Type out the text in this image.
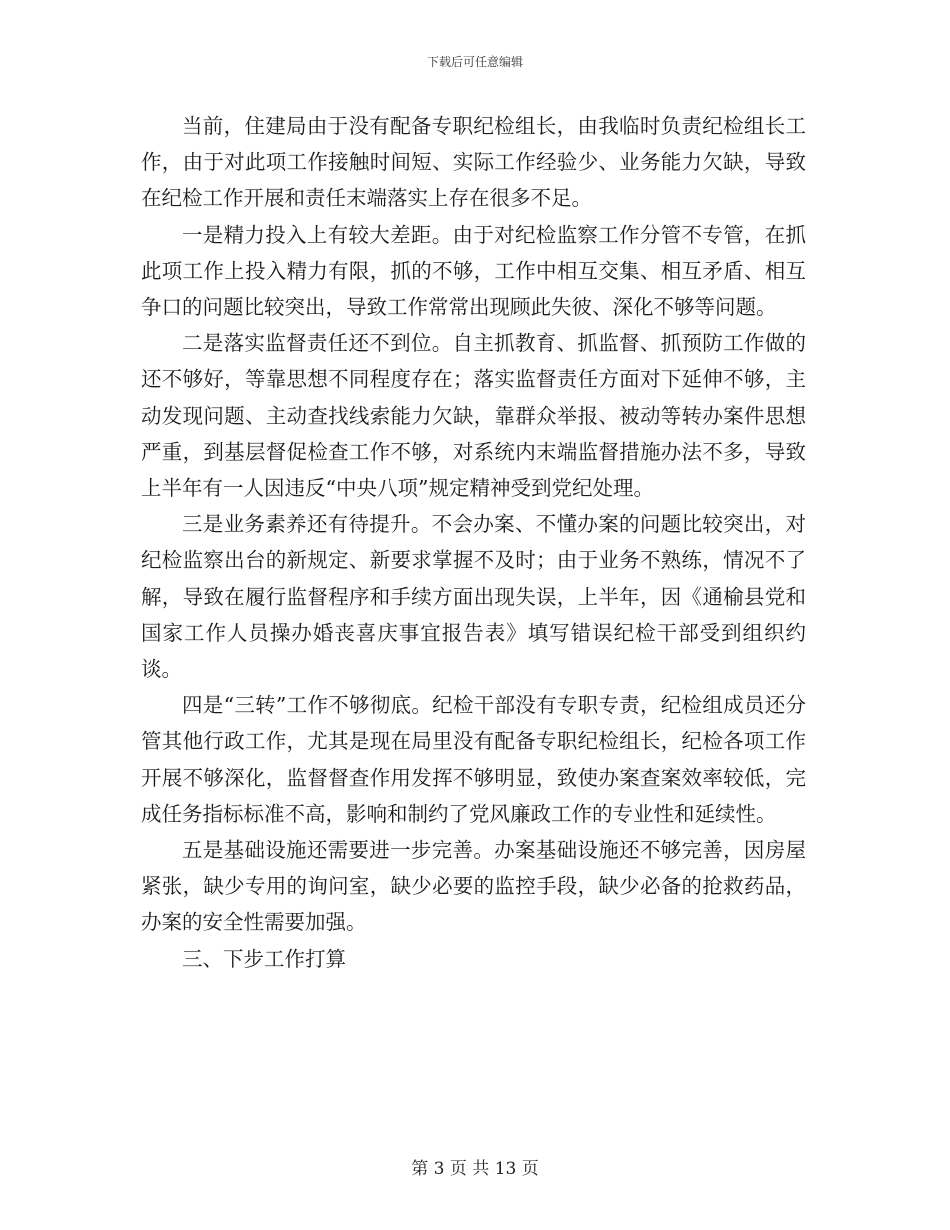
下载后可任意编辑

当前，住建局由于没有配备专职纪检组长，由我临时负责纪检组长工作，由于对此项工作接触时间短、实际工作经验少、业务能力欠缺，导致在纪检工作开展和责任末端落实上存在很多不足。

一是精力投入上有较大差距。由于对纪检监察工作分管不专管，在抓此项工作上投入精力有限，抓的不够，工作中相互交集、相互矛盾、相互争口的问题比较突出，导致工作常常出现顾此失彼、深化不够等问题。

二是落实监督责任还不到位。自主抓教育、抓监督、抓预防工作做的还不够好，等靠思想不同程度存在；落实监督责任方面对下延伸不够，主动发现问题、主动查找线索能力欠缺，靠群众举报、被动等转办案件思想严重，到基层督促检查工作不够，对系统内末端监督措施办法不多，导致上半年有一人因违反“中央八项”规定精神受到党纪处理。

三是业务素养还有待提升。不会办案、不懂办案的问题比较突出，对纪检监察出台的新规定、新要求掌握不及时；由于业务不熟练，情况不了解，导致在履行监督程序和手续方面出现失误，上半年，因《通榆县党和国家工作人员操办婚丧喜庆事宜报告表》填写错误纪检干部受到组织约谈。

四是“三转”工作不够彻底。纪检干部没有专职专责，纪检组成员还分管其他行政工作，尤其是现在局里没有配备专职纪检组长，纪检各项工作开展不够深化，监督督查作用发挥不够明显，致使办案查案效率较低，完成任务指标标准不高，影响和制约了党风廉政工作的专业性和延续性。

五是基础设施还需要进一步完善。办案基础设施还不够完善，因房屋紧张，缺少专用的询问室，缺少必要的监控手段，缺少必备的抢救药品，办案的安全性需要加强。

三、下步工作打算

第 3 页 共 13 页
